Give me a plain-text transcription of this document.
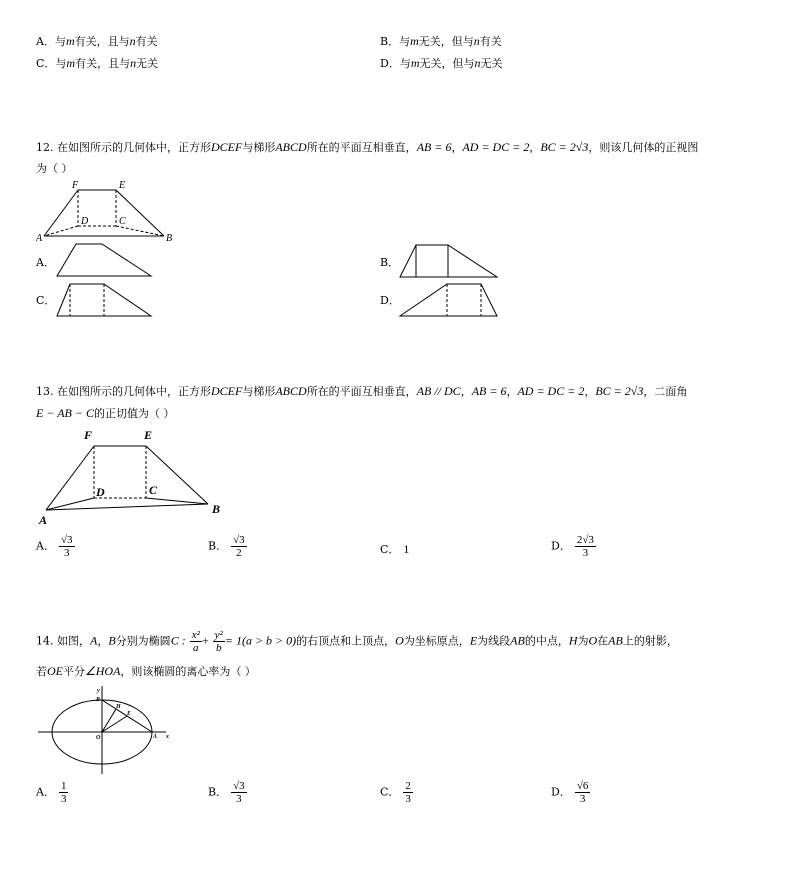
A．与m有关，且与n有关	B．与m无关，但与n有关
C．与m有关，且与n无关	D．与m无关，但与n无关
12. 在如图所示的几何体中，正方形DCEF与梯形ABCD所在的平面互相垂直，AB = 6，AD = DC = 2，BC = 2√3，则该几何体的正视图
为（ ）
F	E
D	C
A	B
A．	B．
C．	D．
13. 在如图所示的几何体中，正方形DCEF与梯形ABCD所在的平面互相垂直，AB // DC，AB = 6，AD = DC = 2，BC = 2√3，二面角
E − AB − C的正切值为（ ）
F	E
D	C
A
B
A． $\frac{√3}{3}$	B． $\frac{√3}{2}$	C． 1	D． $\frac{2√3}{3}$
14. 如图，A，B分别为椭圆C : $\frac{\text{x²}}{a} + \frac{\text{y²}}{b} = 1(a > b > 0)$的右顶点和上顶点，O为坐标原点，E为线段AB的中点，H为O在AB上的射影，
若OE平分∠HOA，则该椭圆的离心率为（ ）
y
B
H
E
O	A x
A． $\frac{1}{3}$	B． $\frac{√3}{3}$	C． $\frac{2}{3}$	D． $\frac{√6}{3}$
